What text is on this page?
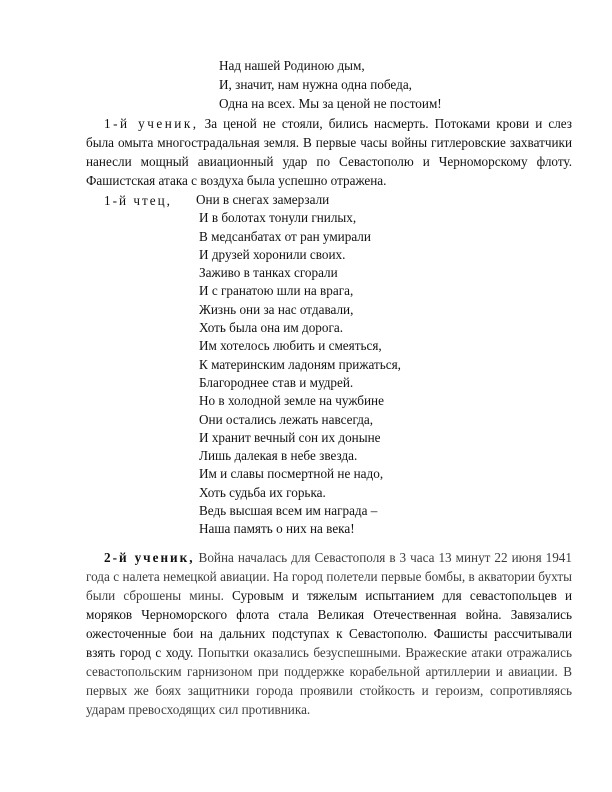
Над нашей Родиною дым,
И, значит, нам нужна одна победа,
Одна на всех. Мы за ценой не постоим!
1-й ученик, За ценой не стояли, бились насмерть. Потоками крови и слез была омыта многострадальная земля. В первые часы войны гитлеровские захватчики нанесли мощный авиационный удар по Севастополю и Черноморскому флоту. Фашистская атака с воздуха была успешно отражена.
1-й чтец, Они в снегах замерзали
И в болотах тонули гнилых,
В медсанбатах от ран умирали
И друзей хоронили своих.
Заживо в танках сгорали
И с гранатою шли на врага,
Жизнь они за нас отдавали,
Хоть была она им дорога.
Им хотелось любить и смеяться,
К материнским ладоням прижаться,
Благороднее став и мудрей.
Но в холодной земле на чужбине
Они остались лежать навсегда,
И хранит вечный сон их доныне
Лишь далекая в небе звезда.
Им и славы посмертной не надо,
Хоть судьба их горька.
Ведь высшая всем им награда –
Наша память о них на века!
2-й ученик, Война началась для Севастополя в 3 часа 13 минут 22 июня 1941 года с налета немецкой авиации. На город полетели первые бомбы, в акватории бухты были сброшены мины. Суровым и тяжелым испытанием для севастопольцев и моряков Черноморского флота стала Великая Отечественная война. Завязались ожесточенные бои на дальних подступах к Севастополю. Фашисты рассчитывали взять город с ходу. Попытки оказались безуспешными. Вражеские атаки отражались севастопольским гарнизоном при поддержке корабельной артиллерии и авиации. В первых же боях защитники города проявили стойкость и героизм, сопротивляясь ударам превосходящих сил противника.
